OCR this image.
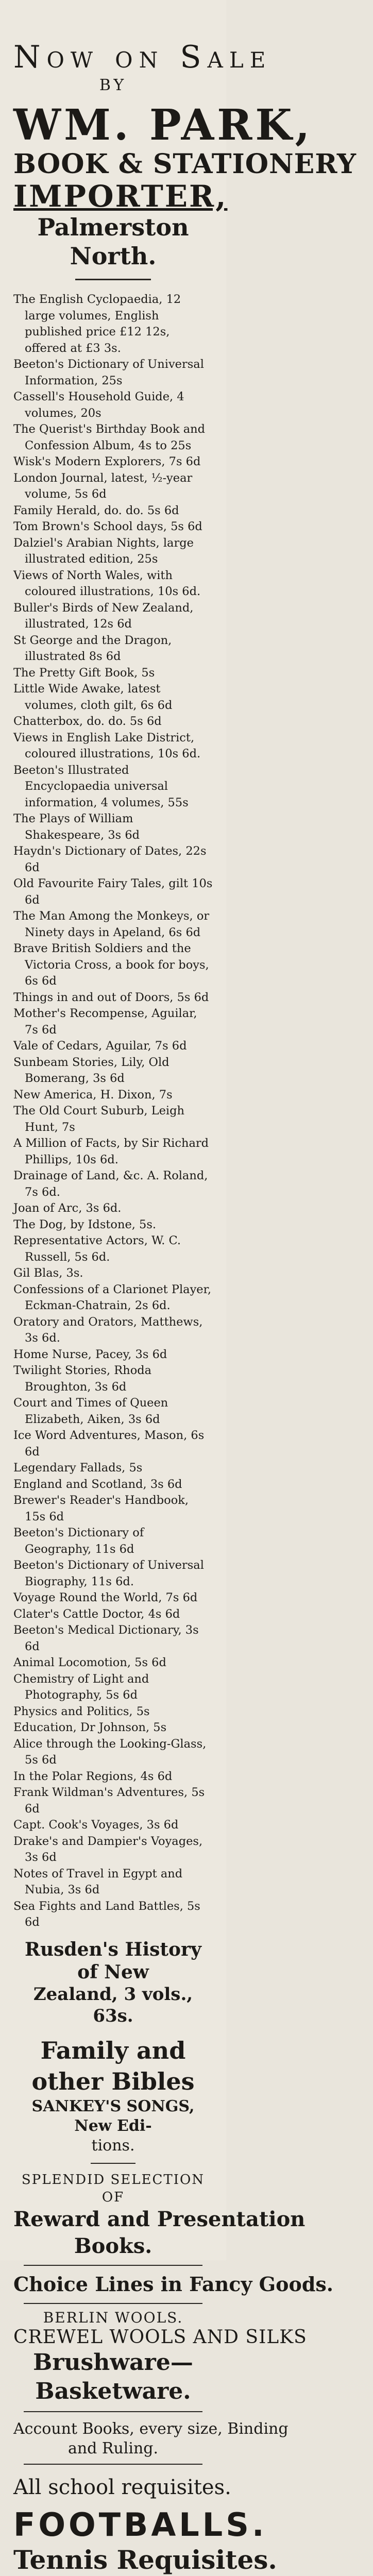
Now on Sale
BY
WM. PARK,
BOOK & STATIONERY
IMPORTER,
Palmerston North.
The English Cyclopaedia, 12 large volumes, English published price £12 12s, offered at £3 3s.
Beeton's Dictionary of Universal Information, 25s
Cassell's Household Guide, 4 volumes, 20s
The Querist's Birthday Book and Confession Album, 4s to 25s
Wisk's Modern Explorers, 7s 6d
London Journal, latest, ½-year volume, 5s 6d
Family Herald, do. do. 5s 6d
Tom Brown's School days, 5s 6d
Dalziel's Arabian Nights, large illustrated edition, 25s
Views of North Wales, with coloured illustrations, 10s 6d.
Buller's Birds of New Zealand, illustrated, 12s 6d
St George and the Dragon, illustrated 8s 6d
The Pretty Gift Book, 5s
Little Wide Awake, latest volumes, cloth gilt, 6s 6d
Chatterbox, do. do. 5s 6d
Views in English Lake District, coloured illustrations, 10s 6d.
Beeton's Illustrated Encyclopaedia universal information, 4 volumes, 55s
The Plays of William Shakespeare, 3s 6d
Haydn's Dictionary of Dates, 22s 6d
Old Favourite Fairy Tales, gilt 10s 6d
The Man Among the Monkeys, or Ninety days in Apeland, 6s 6d
Brave British Soldiers and the Victoria Cross, a book for boys, 6s 6d
Things in and out of Doors, 5s 6d
Mother's Recompense, Aguilar, 7s 6d
Vale of Cedars, Aguilar, 7s 6d
Sunbeam Stories, Lily, Old Bomerang, 3s 6d
New America, H. Dixon, 7s
The Old Court Suburb, Leigh Hunt, 7s
A Million of Facts, by Sir Richard Phillips, 10s 6d.
Drainage of Land, &c. A. Roland, 7s 6d.
Joan of Arc, 3s 6d.
The Dog, by Idstone, 5s.
Representative Actors, W. C. Russell, 5s 6d.
Gil Blas, 3s.
Confessions of a Clarionet Player, Eckman-Chatrain, 2s 6d.
Oratory and Orators, Matthews, 3s 6d.
Home Nurse, Pacey, 3s 6d
Twilight Stories, Rhoda Broughton, 3s 6d
Court and Times of Queen Elizabeth, Aiken, 3s 6d
Ice Word Adventures, Mason, 6s 6d
Legendary Fallads, 5s
England and Scotland, 3s 6d
Brewer's Reader's Handbook, 15s 6d
Beeton's Dictionary of Geography, 11s 6d
Beeton's Dictionary of Universal Biography, 11s 6d.
Voyage Round the World, 7s 6d
Clater's Cattle Doctor, 4s 6d
Beeton's Medical Dictionary, 3s 6d
Animal Locomotion, 5s 6d
Chemistry of Light and Photography, 5s 6d
Physics and Politics, 5s
Education, Dr Johnson, 5s
Alice through the Looking-Glass, 5s 6d
In the Polar Regions, 4s 6d
Frank Wildman's Adventures, 5s 6d
Capt. Cook's Voyages, 3s 6d
Drake's and Dampier's Voyages, 3s 6d
Notes of Travel in Egypt and Nubia, 3s 6d
Sea Fights and Land Battles, 5s 6d
Rusden's History of New
Zealand, 3 vols., 63s.
Family and other Bibles
SANKEY'S SONGS, New Edi-
tions.
SPLENDID SELECTION OF
Reward and Presentation
Books.
Choice Lines in Fancy Goods.
BERLIN WOOLS.
CREWEL WOOLS AND SILKS
Brushware—Basketware.
Account Books, every size, Binding
and Ruling.
All school requisites.
FOOTBALLS.
Tennis Requisites.
